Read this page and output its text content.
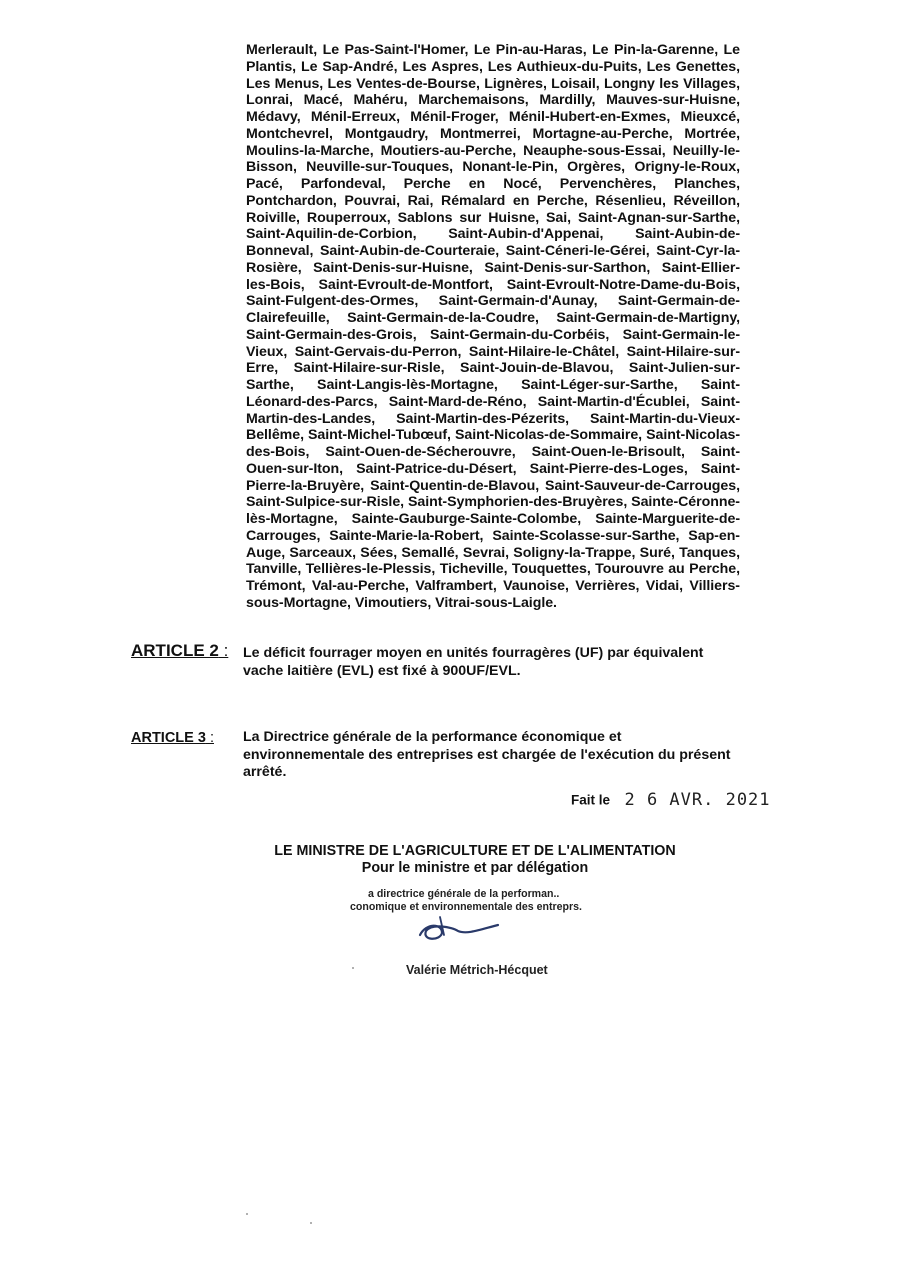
Merlerault, Le Pas-Saint-l'Homer, Le Pin-au-Haras, Le Pin-la-Garenne, Le Plantis, Le Sap-André, Les Aspres, Les Authieux-du-Puits, Les Genettes, Les Menus, Les Ventes-de-Bourse, Lignères, Loisail, Longny les Villages, Lonrai, Macé, Mahéru, Marchemaisons, Mardilly, Mauves-sur-Huisne, Médavy, Ménil-Erreux, Ménil-Froger, Ménil-Hubert-en-Exmes, Mieuxcé, Montchevrel, Montgaudry, Montmerrei, Mortagne-au-Perche, Mortrée, Moulins-la-Marche, Moutiers-au-Perche, Neauphe-sous-Essai, Neuilly-le-Bisson, Neuville-sur-Touques, Nonant-le-Pin, Orgères, Origny-le-Roux, Pacé, Parfondeval, Perche en Nocé, Pervenchères, Planches, Pontchardon, Pouvrai, Rai, Rémalard en Perche, Résenlieu, Réveillon, Roiville, Rouperroux, Sablons sur Huisne, Sai, Saint-Agnan-sur-Sarthe, Saint-Aquilin-de-Corbion, Saint-Aubin-d'Appenai, Saint-Aubin-de-Bonneval, Saint-Aubin-de-Courteraie, Saint-Céneri-le-Gérei, Saint-Cyr-la-Rosière, Saint-Denis-sur-Huisne, Saint-Denis-sur-Sarthon, Saint-Ellier-les-Bois, Saint-Evroult-de-Montfort, Saint-Evroult-Notre-Dame-du-Bois, Saint-Fulgent-des-Ormes, Saint-Germain-d'Aunay, Saint-Germain-de-Clairefeuille, Saint-Germain-de-la-Coudre, Saint-Germain-de-Martigny, Saint-Germain-des-Grois, Saint-Germain-du-Corbéis, Saint-Germain-le-Vieux, Saint-Gervais-du-Perron, Saint-Hilaire-le-Châtel, Saint-Hilaire-sur-Erre, Saint-Hilaire-sur-Risle, Saint-Jouin-de-Blavou, Saint-Julien-sur-Sarthe, Saint-Langis-lès-Mortagne, Saint-Léger-sur-Sarthe, Saint-Léonard-des-Parcs, Saint-Mard-de-Réno, Saint-Martin-d'Écublei, Saint-Martin-des-Landes, Saint-Martin-des-Pézerits, Saint-Martin-du-Vieux-Bellême, Saint-Michel-Tubœuf, Saint-Nicolas-de-Sommaire, Saint-Nicolas-des-Bois, Saint-Ouen-de-Sécherouvre, Saint-Ouen-le-Brisoult, Saint-Ouen-sur-Iton, Saint-Patrice-du-Désert, Saint-Pierre-des-Loges, Saint-Pierre-la-Bruyère, Saint-Quentin-de-Blavou, Saint-Sauveur-de-Carrouges, Saint-Sulpice-sur-Risle, Saint-Symphorien-des-Bruyères, Sainte-Céronne-lès-Mortagne, Sainte-Gauburge-Sainte-Colombe, Sainte-Marguerite-de-Carrouges, Sainte-Marie-la-Robert, Sainte-Scolasse-sur-Sarthe, Sap-en-Auge, Sarceaux, Sées, Semallé, Sevrai, Soligny-la-Trappe, Suré, Tanques, Tanville, Tellières-le-Plessis, Ticheville, Touquettes, Tourouvre au Perche, Trémont, Val-au-Perche, Valframbert, Vaunoise, Verrières, Vidai, Villiers-sous-Mortagne, Vimoutiers, Vitrai-sous-Laigle.

ARTICLE 2 : Le déficit fourrager moyen en unités fourragères (UF) par équivalent vache laitière (EVL) est fixé à 900UF/EVL.

ARTICLE 3 : La Directrice générale de la performance économique et environnementale des entreprises est chargée de l'exécution du présent arrêté.

Fait le 2 6 AVR. 2021

LE MINISTRE DE L'AGRICULTURE ET DE L'ALIMENTATION

Pour le ministre et par délégation

a directrice générale de la performan..
conomique et environnementale des entreprs.
Valérie Métrich-Hécquet
